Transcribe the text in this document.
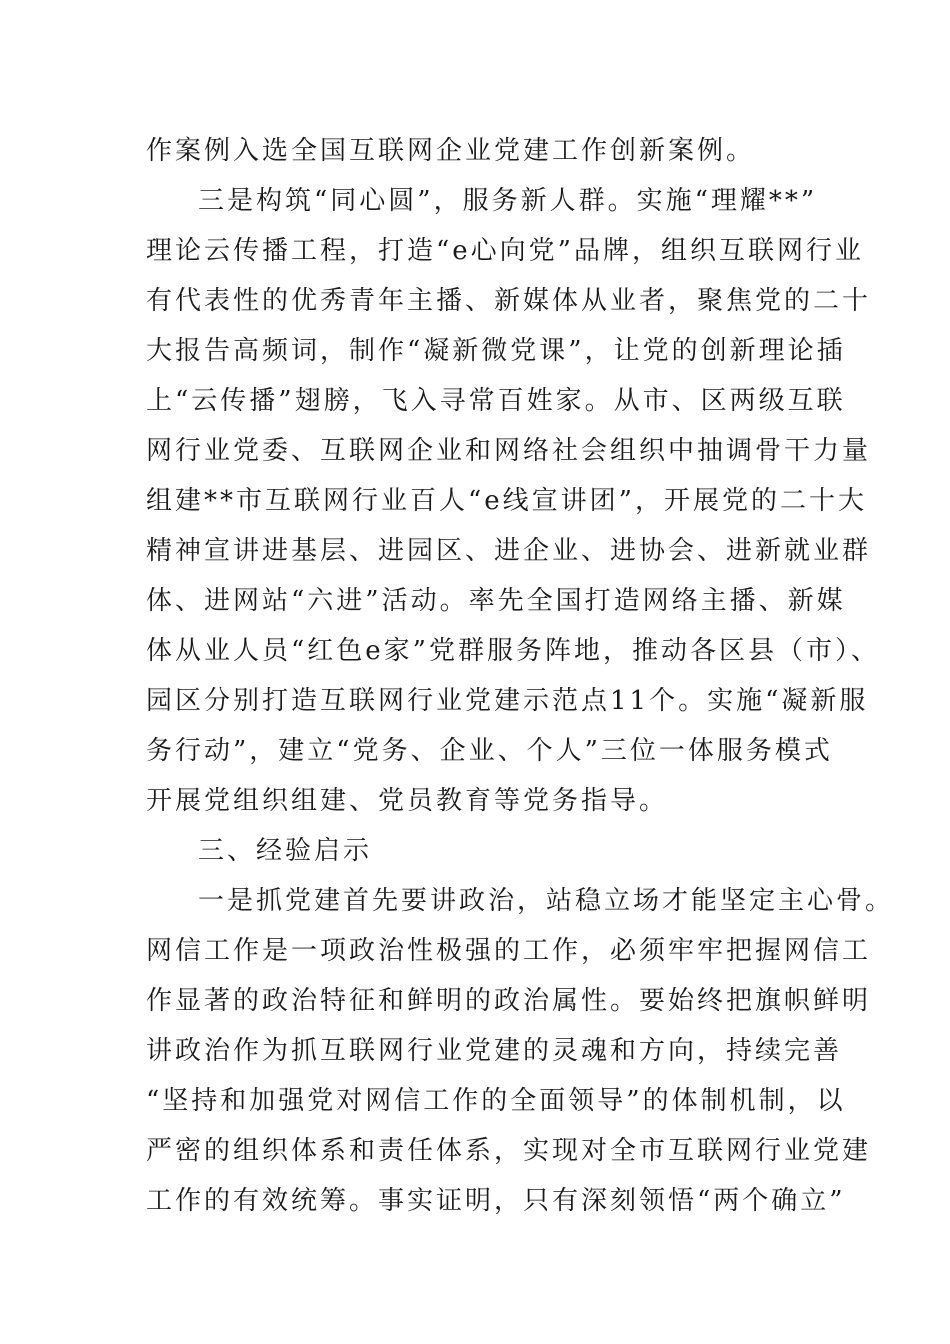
作案例入选全国互联网企业党建工作创新案例。
三是构筑“同心圆”，服务新人群。实施“理耀**”
理论云传播工程，打造“e心向党”品牌，组织互联网行业
有代表性的优秀青年主播、新媒体从业者，聚焦党的二十
大报告高频词，制作“凝新微党课”，让党的创新理论插
上“云传播”翅膀，飞入寻常百姓家。从市、区两级互联
网行业党委、互联网企业和网络社会组织中抽调骨干力量
组建**市互联网行业百人“e线宣讲团”，开展党的二十大
精神宣讲进基层、进园区、进企业、进协会、进新就业群
体、进网站“六进”活动。率先全国打造网络主播、新媒
体从业人员“红色e家”党群服务阵地，推动各区县（市）、
园区分别打造互联网行业党建示范点11个。实施“凝新服
务行动”，建立“党务、企业、个人”三位一体服务模式
开展党组织组建、党员教育等党务指导。
三、经验启示
一是抓党建首先要讲政治，站稳立场才能坚定主心骨。
网信工作是一项政治性极强的工作，必须牢牢把握网信工
作显著的政治特征和鲜明的政治属性。要始终把旗帜鲜明
讲政治作为抓互联网行业党建的灵魂和方向，持续完善
“坚持和加强党对网信工作的全面领导”的体制机制，以
严密的组织体系和责任体系，实现对全市互联网行业党建
工作的有效统筹。事实证明，只有深刻领悟“两个确立”
